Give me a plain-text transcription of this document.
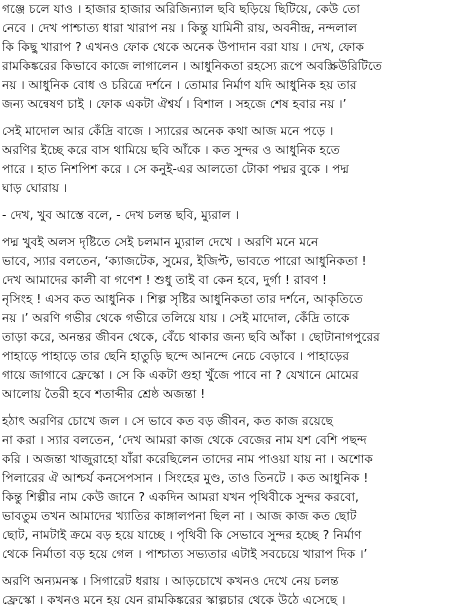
গঞ্জে চলে যাও । হাজার হাজার অরিজিন্যাল ছবি ছড়িয়ে ছিটিয়ে, কেউ তো
নেবে । দেখ পাশ্চাত্য ধারা খারাপ নয় । কিন্তু যামিনী রায়, অবনীন্দ্র, নন্দলাল
কি কিছু খারাপ ? এখনও ফোক থেকে অনেক উপাদান বরা যায় । দেখ, ফোক
রামকিঙ্করের কিভাবে কাজে লাগালেন । আধুনিকতা রহস্যে রূপে অবস্ক্রিউরিটিতে
নয় । আধুনিক বোধ ও চরিত্রে দর্শনে । তোমার নির্মাণ যদি আধুনিক হয় তার
জন্য অন্বেষণ চাই । ফোক একটা ঐশ্বর্য । বিশাল । সহজে শেষ হবার নয় ।’
সেই মাদোল আর কেঁদ্রি বাজে । স্যারের অনেক কথা আজ মনে পড়ে ।
অরণির ইচ্ছে করে বাস থামিয়ে ছবি আঁকে । কত সুন্দর ও আধুনিক হতে
পারে । হাত নিশপিশ করে । সে কনুই-এর আলতো টোকা পদ্মর বুকে । পদ্ম
ঘাড় ঘোরায় ।
- দেখ, খুব আস্তে বলে, - দেখ চলন্ত ছবি, ম্যুরাল ।
পদ্ম খুবই অলস দৃষ্টিতে সেই চলমান ম্যুরাল দেখে । অরণি মনে মনে
ভাবে, স্যার বলতেন, ‘ক্যাজটেক, সুমের, ইজিপ্ট, ভাবতে পারো আধুনিকতা !
দেখ আমাদের কালী বা গণেশ ! শুধু তাই বা কেন হবে, দুর্গা ! রাবণ !
নৃসিংহ ! এসব কত আধুনিক । শিল্প সৃষ্টির আধুনিকতা তার দর্শনে, আকৃতিতে
নয় ।’ অরণি গভীর থেকে গভীরে তলিয়ে যায় । সেই মাদোল, কেঁদ্রি তাকে
তাড়া করে, অনন্তর জীবন থেকে, বেঁচে থাকার জন্য ছবি আঁকা । ছোটানাগপুরের
পাহাড়ে পাহাড়ে তার ছেনি হাতুড়ি ছন্দে আনন্দে নেচে বেড়াবে । পাহাড়ের
গায়ে জাগাবে ফ্রেস্কো । সে কি একটা গুহা খুঁজে পাবে না ? যেখানে মোমের
আলোয় তৈরী হবে শতাব্দীর শ্রেষ্ঠ অজন্তা !
হঠাৎ অরণির চোখে জল । সে ভাবে কত বড় জীবন, কত কাজ রয়েছে
না করা । স্যার বলতেন, ‘দেখ আমরা কাজ থেকে বেজের নাম যশ বেশি পছন্দ
করি । অজন্তা খাজুরাহো যাঁরা করেছিলেন তাদের নাম পাওয়া যায় না । অশোক
পিলারের ঐ আশ্চর্য কনসেপসান । সিংহের মুণ্ড, তাও তিনটে । কত আধুনিক !
কিন্তু শিল্পীর নাম কেউ জানে ? একদিন আমরা যখন পৃথিবীকে সুন্দর করবো,
ভাবতুম তখন আমাদের খ্যাতির কাঙ্গালপনা ছিল না । আজ কাজ কত ছোট
ছোট, নামটাই ক্রমে বড় হয়ে যাচ্ছে । পৃথিবী কি সেভাবে সুন্দর হচ্ছে ? নির্মাণ
থেকে নির্মাতা বড় হয়ে গেল । পাশ্চাত্য সভ্যতার এটাই সবচেয়ে খারাপ দিক ।’
অরণি অন্যমনস্ক । সিগারেট ধরায় । আড়চোখে কখনও দেখে নেয় চলন্ত
ফ্রেস্কো । কখনও মনে হয় যেন রামকিঙ্করের স্কাল্পচার থেকে উঠে এসেছে ।
